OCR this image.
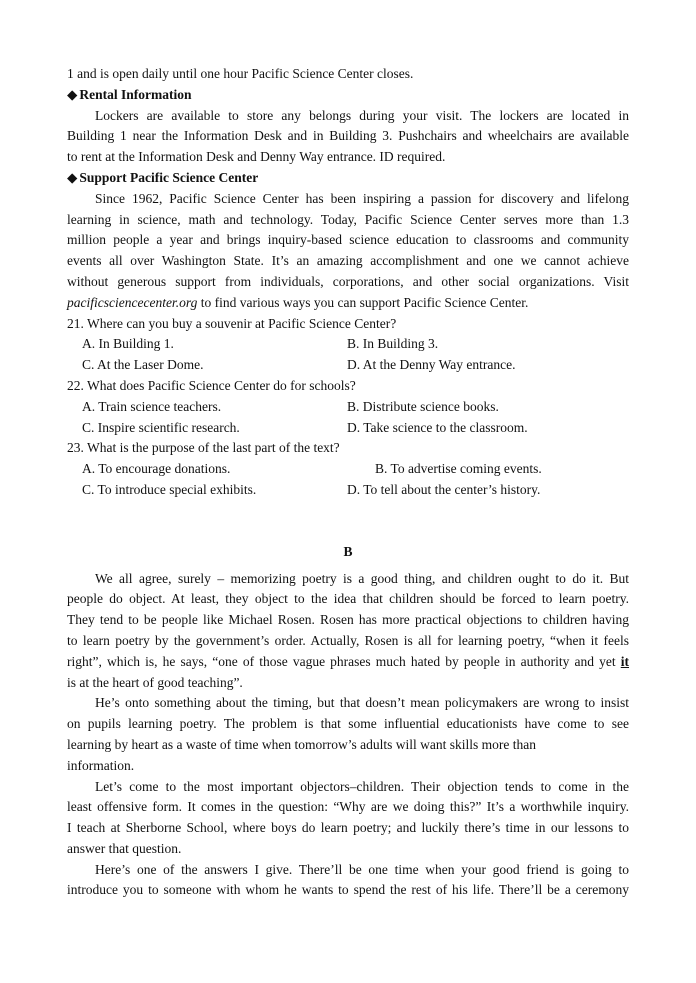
1 and is open daily until one hour Pacific Science Center closes.
◆ Rental Information
Lockers are available to store any belongs during your visit. The lockers are located in
Building 1 near the Information Desk and in Building 3. Pushchairs and wheelchairs are available
to rent at the Information Desk and Denny Way entrance. ID required.
◆ Support Pacific Science Center
Since 1962, Pacific Science Center has been inspiring a passion for discovery and lifelong
learning in science, math and technology. Today, Pacific Science Center serves more than 1.3
million people a year and brings inquiry-based science education to classrooms and community
events all over Washington State. It’s an amazing accomplishment and one we cannot achieve
without generous support from individuals, corporations, and other social organizations. Visit
pacificsciencecenter.org to find various ways you can support Pacific Science Center.
21. Where can you buy a souvenir at Pacific Science Center?
A. In Building 1.	B. In Building 3.
C. At the Laser Dome.	D. At the Denny Way entrance.
22. What does Pacific Science Center do for schools?
A. Train science teachers.	B. Distribute science books.
C. Inspire scientific research.	D. Take science to the classroom.
23. What is the purpose of the last part of the text?
A. To encourage donations.	B. To advertise coming events.
C. To introduce special exhibits.	D. To tell about the center’s history.
B
We all agree, surely – memorizing poetry is a good thing, and children ought to do it. But
people do object. At least, they object to the idea that children should be forced to learn poetry.
They tend to be people like Michael Rosen. Rosen has more practical objections to children having
to learn poetry by the government’s order. Actually, Rosen is all for learning poetry, “when it feels
right”, which is, he says, “one of those vague phrases much hated by people in authority and yet it
is at the heart of good teaching”.
He’s onto something about the timing, but that doesn’t mean policymakers are wrong to insist
on pupils learning poetry. The problem is that some influential educationists have come to see
learning by heart as a waste of time when tomorrow’s adults will want skills more than
information.
Let’s come to the most important objectors–children. Their objection tends to come in the
least offensive form. It comes in the question: “Why are we doing this?” It’s a worthwhile inquiry.
I teach at Sherborne School, where boys do learn poetry; and luckily there’s time in our lessons to
answer that question.
Here’s one of the answers I give. There’ll be one time when your good friend is going to
introduce you to someone with whom he wants to spend the rest of his life. There’ll be a ceremony
